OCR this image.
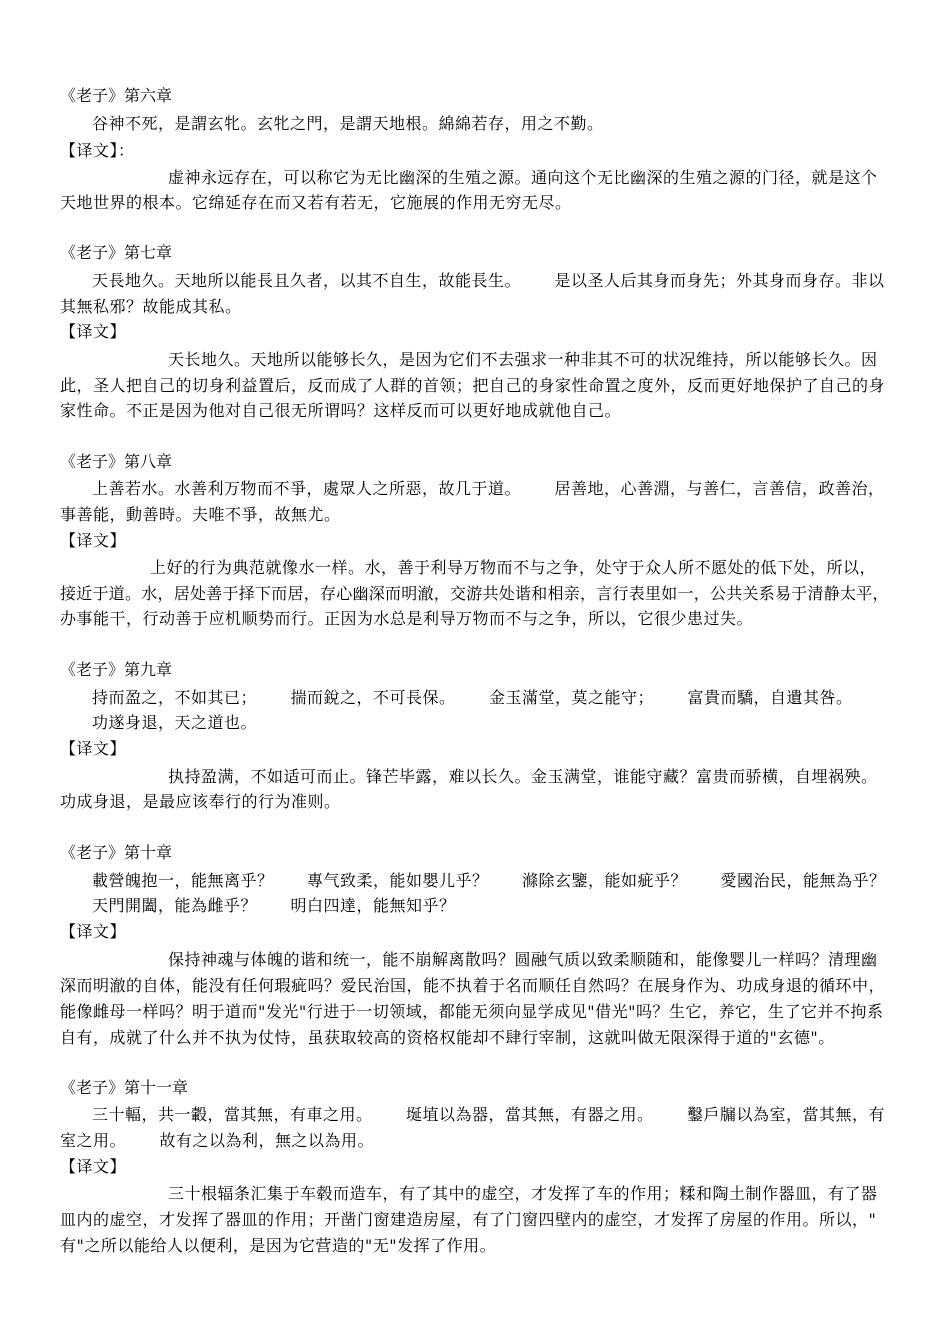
《老子》第六章
谷神不死，是謂玄牝。玄牝之門，是謂天地根。綿綿若存，用之不勤。
【译文】：
虚神永远存在，可以称它为无比幽深的生殖之源。通向这个无比幽深的生殖之源的门径，就是这个
天地世界的根本。它绵延存在而又若有若无，它施展的作用无穷无尽。
《老子》第七章
天長地久。天地所以能長且久者，以其不自生，故能長生。      是以圣人后其身而身先；外其身而身存。非以
其無私邪？故能成其私。
【译文】
天长地久。天地所以能够长久，是因为它们不去强求一种非其不可的状况维持，所以能够长久。因
此，圣人把自己的切身利益置后，反而成了人群的首领；把自己的身家性命置之度外，反而更好地保护了自己的身
家性命。不正是因为他对自己很无所谓吗？这样反而可以更好地成就他自己。
《老子》第八章
上善若水。水善利万物而不爭，處眾人之所惡，故几于道。      居善地，心善淵，与善仁，言善信，政善治，
事善能，動善時。夫唯不爭，故無尤。
【译文】
上好的行为典范就像水一样。水，善于利导万物而不与之争，处守于众人所不愿处的低下处，所以，
接近于道。水，居处善于择下而居，存心幽深而明澈，交游共处谐和相亲，言行表里如一，公共关系易于清静太平，
办事能干，行动善于应机顺势而行。正因为水总是利导万物而不与之争，所以，它很少患过失。
《老子》第九章
持而盈之，不如其已；      揣而銳之，不可長保。      金玉滿堂，莫之能守；      富貴而驕，自遺其咎。
功遂身退，天之道也。
【译文】
执持盈满，不如适可而止。锋芒毕露，难以长久。金玉满堂，谁能守藏？富贵而骄横，自埋祸殃。
功成身退，是最应该奉行的行为准则。
《老子》第十章
載營魄抱一，能無离乎？      專气致柔，能如嬰儿乎？      滌除玄鑒，能如疵乎？      愛國治民，能無為乎？
天門開闔，能為雌乎？      明白四達，能無知乎？
【译文】
保持神魂与体魄的谐和统一，能不崩解离散吗？圆融气质以致柔顺随和，能像婴儿一样吗？清理幽
深而明澈的自体，能没有任何瑕疵吗？爱民治国，能不执着于名而顺任自然吗？在展身作为、功成身退的循环中，
能像雌母一样吗？明于道而"发光"行进于一切领域，都能无须向显学成见"借光"吗？生它，养它，生了它并不拘系
自有，成就了什么并不执为仗恃，虽获取较高的资格权能却不肆行宰制，这就叫做无限深得于道的"玄德"。
《老子》第十一章
三十輻，共一轂，當其無，有車之用。      埏埴以為器，當其無，有器之用。      鑿戶牖以為室，當其無，有
室之用。      故有之以為利，無之以為用。
【译文】
三十根辐条汇集于车毂而造车，有了其中的虚空，才发挥了车的作用；糅和陶土制作器皿，有了器
皿内的虚空，才发挥了器皿的作用；开凿门窗建造房屋，有了门窗四壁内的虚空，才发挥了房屋的作用。所以，"
有"之所以能给人以便利，是因为它营造的"无"发挥了作用。
